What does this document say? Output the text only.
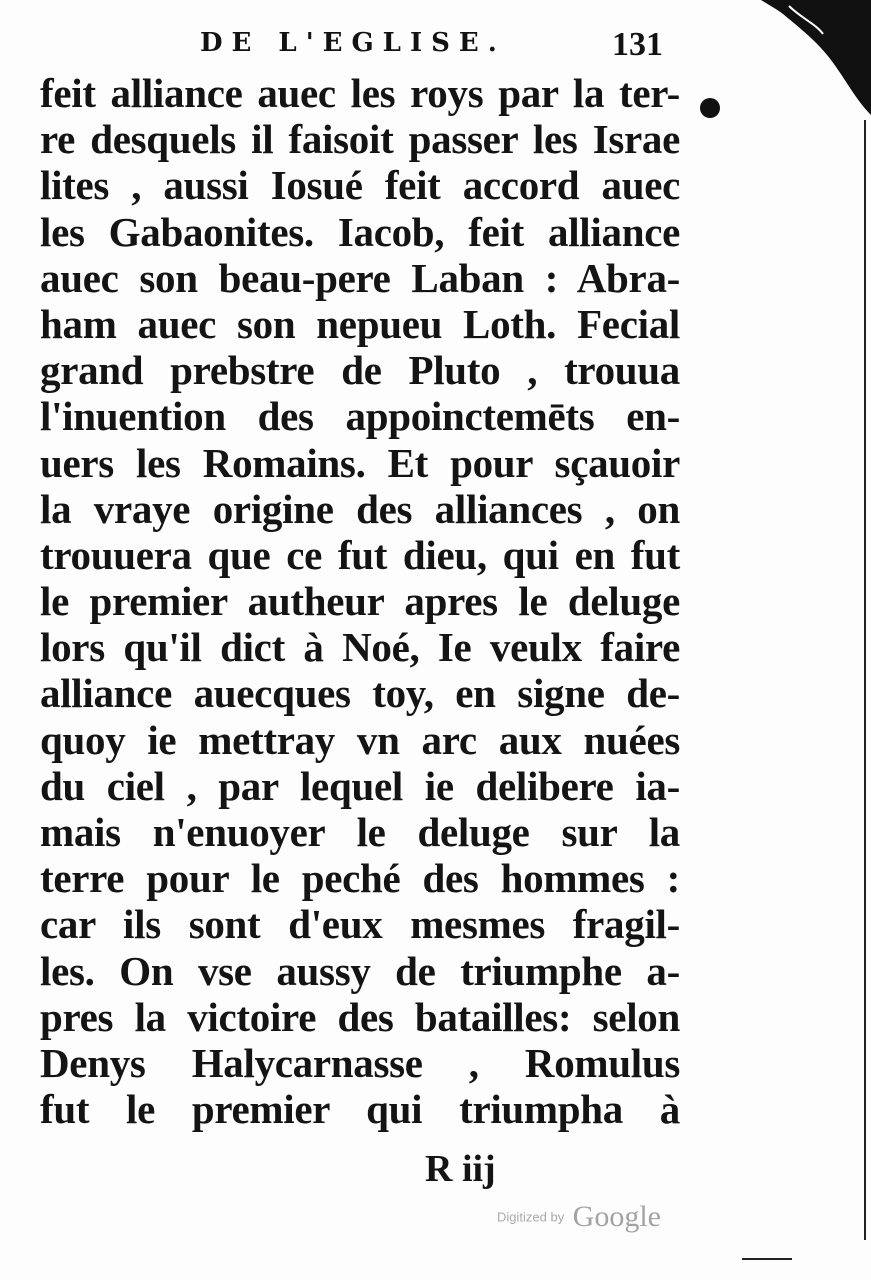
DE L'EGLISE.	131
feit alliance auec les roys par la ter-
re desquels il faisoit passer les Israe
lites , aussi Iosué feit accord auec
les Gabaonites. Iacob, feit alliance
auec son beau-pere Laban : Abra-
ham auec son nepueu Loth. Fecial
grand prebstre de Pluto , trouua
l'inuention des appoinctemēts en-
uers les Romains. Et pour sçauoir
la vraye origine des alliances , on
trouuera que ce fut dieu, qui en fut
le premier autheur apres le deluge
lors qu'il dict à Noé, Ie veulx faire
alliance auecques toy, en signe de-
quoy ie mettray vn arc aux nuées
du ciel , par lequel ie delibere ia-
mais n'enuoyer le deluge sur la
terre pour le peché des hommes :
car ils sont d'eux mesmes fragil-
les. On vse aussy de triumphe a-
pres la victoire des batailles: selon
Denys Halycarnasse , Romulus
fut le premier qui triumpha à
R iij
Digitized by Google
